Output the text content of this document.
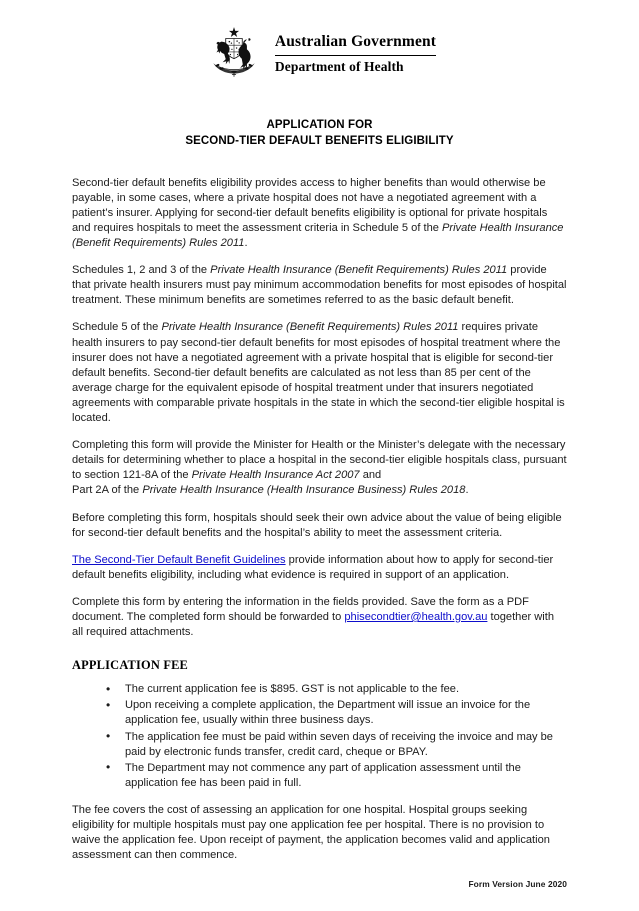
Australian Government
Department of Health
APPLICATION FOR
SECOND-TIER DEFAULT BENEFITS ELIGIBILITY

Second-tier default benefits eligibility provides access to higher benefits than would otherwise be payable, in some cases, where a private hospital does not have a negotiated agreement with a patient’s insurer. Applying for second-tier default benefits eligibility is optional for private hospitals and requires hospitals to meet the assessment criteria in Schedule 5 of the Private Health Insurance (Benefit Requirements) Rules 2011.

Schedules 1, 2 and 3 of the Private Health Insurance (Benefit Requirements) Rules 2011 provide that private health insurers must pay minimum accommodation benefits for most episodes of hospital treatment. These minimum benefits are sometimes referred to as the basic default benefit.

Schedule 5 of the Private Health Insurance (Benefit Requirements) Rules 2011 requires private health insurers to pay second-tier default benefits for most episodes of hospital treatment where the insurer does not have a negotiated agreement with a private hospital that is eligible for second-tier default benefits. Second-tier default benefits are calculated as not less than 85 per cent of the average charge for the equivalent episode of hospital treatment under that insurers negotiated agreements with comparable private hospitals in the state in which the second-tier eligible hospital is located.

Completing this form will provide the Minister for Health or the Minister’s delegate with the necessary details for determining whether to place a hospital in the second-tier eligible hospitals class, pursuant to section 121-8A of the Private Health Insurance Act 2007 and
Part 2A of the Private Health Insurance (Health Insurance Business) Rules 2018.

Before completing this form, hospitals should seek their own advice about the value of being eligible for second-tier default benefits and the hospital’s ability to meet the assessment criteria.

The Second-Tier Default Benefit Guidelines provide information about how to apply for second-tier default benefits eligibility, including what evidence is required in support of an application.

Complete this form by entering the information in the fields provided. Save the form as a PDF document. The completed form should be forwarded to phisecondtier@health.gov.au together with all required attachments.

APPLICATION FEE
• The current application fee is $895. GST is not applicable to the fee.
• Upon receiving a complete application, the Department will issue an invoice for the application fee, usually within three business days.
• The application fee must be paid within seven days of receiving the invoice and may be paid by electronic funds transfer, credit card, cheque or BPAY.
• The Department may not commence any part of application assessment until the application fee has been paid in full.

The fee covers the cost of assessing an application for one hospital. Hospital groups seeking eligibility for multiple hospitals must pay one application fee per hospital. There is no provision to waive the application fee. Upon receipt of payment, the application becomes valid and application assessment can then commence.

Form Version June 2020
